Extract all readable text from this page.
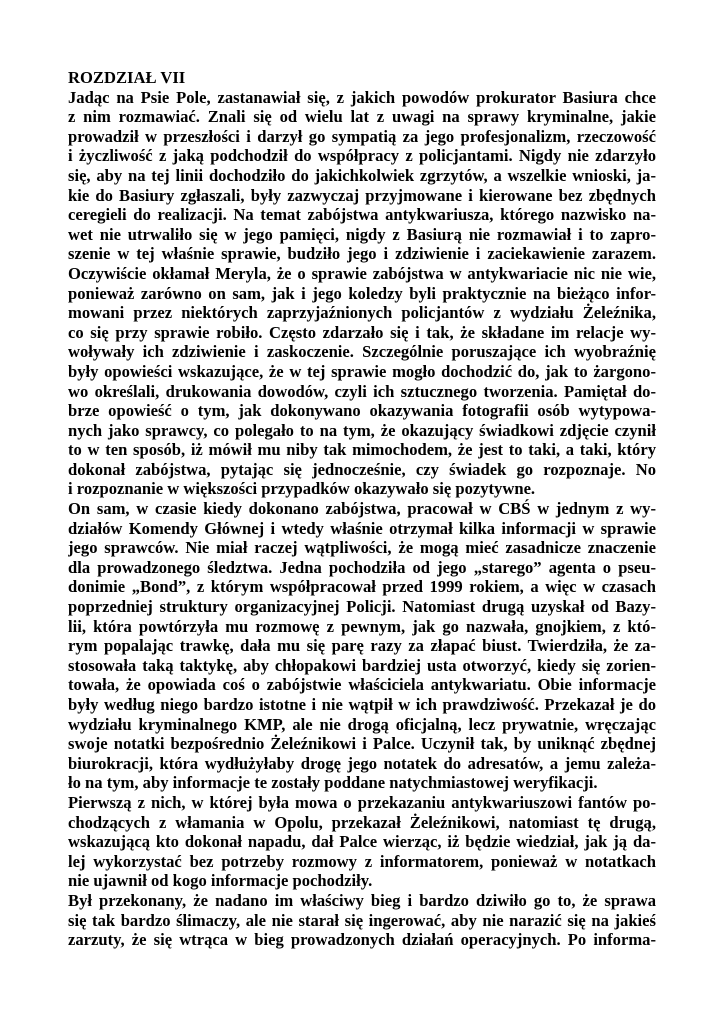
ROZDZIAŁ VII

Jadąc na Psie Pole, zastanawiał się, z jakich powodów prokurator Basiura chce
z nim rozmawiać. Znali się od wielu lat z uwagi na sprawy kryminalne, jakie
prowadził w przeszłości i darzył go sympatią za jego profesjonalizm, rzeczowość
i życzliwość z jaką podchodził do współpracy z policjantami. Nigdy nie zdarzyło
się, aby na tej linii dochodziło do jakichkolwiek zgrzytów, a wszelkie wnioski, ja-
kie do Basiury zgłaszali, były zazwyczaj przyjmowane i kierowane bez zbędnych
ceregieli do realizacji. Na temat zabójstwa antykwariusza, którego nazwisko na-
wet nie utrwaliło się w jego pamięci, nigdy z Basiurą nie rozmawiał i to zapro-
szenie w tej właśnie sprawie, budziło jego i zdziwienie i zaciekawienie zarazem.
Oczywiście okłamał Meryla, że o sprawie zabójstwa w antykwariacie nic nie wie,
ponieważ zarówno on sam, jak i jego koledzy byli praktycznie na bieżąco infor-
mowani przez niektórych zaprzyjaźnionych policjantów z wydziału Żeleźnika,
co się przy sprawie robiło. Często zdarzało się i tak, że składane im relacje wy-
woływały ich zdziwienie i zaskoczenie. Szczególnie poruszające ich wyobraźnię
były opowieści wskazujące, że w tej sprawie mogło dochodzić do, jak to żargono-
wo określali, drukowania dowodów, czyli ich sztucznego tworzenia. Pamiętał do-
brze opowieść o tym, jak dokonywano okazywania fotografii osób wytypowa-
nych jako sprawcy, co polegało to na tym, że okazujący świadkowi zdjęcie czynił
to w ten sposób, iż mówił mu niby tak mimochodem, że jest to taki, a taki, który
dokonał zabójstwa, pytając się jednocześnie, czy świadek go rozpoznaje. No
i rozpoznanie w większości przypadków okazywało się pozytywne.

On sam, w czasie kiedy dokonano zabójstwa, pracował w CBŚ w jednym z wy-
działów Komendy Głównej i wtedy właśnie otrzymał kilka informacji w sprawie
jego sprawców. Nie miał raczej wątpliwości, że mogą mieć zasadnicze znaczenie
dla prowadzonego śledztwa. Jedna pochodziła od jego „starego” agenta o pseu-
donimie „Bond”, z którym współpracował przed 1999 rokiem, a więc w czasach
poprzedniej struktury organizacyjnej Policji. Natomiast drugą uzyskał od Bazy-
lii, która powtórzyła mu rozmowę z pewnym, jak go nazwała, gnojkiem, z któ-
rym popalając trawkę, dała mu się parę razy za złapać biust. Twierdziła, że za-
stosowała taką taktykę, aby chłopakowi bardziej usta otworzyć, kiedy się zorien-
towała, że opowiada coś o zabójstwie właściciela antykwariatu. Obie informacje
były według niego bardzo istotne i nie wątpił w ich prawdziwość. Przekazał je do
wydziału kryminalnego KMP, ale nie drogą oficjalną, lecz prywatnie, wręczając
swoje notatki bezpośrednio Żeleźnikowi i Palce. Uczynił tak, by uniknąć zbędnej
biurokracji, która wydłużyłaby drogę jego notatek do adresatów, a jemu zależa-
ło na tym, aby informacje te zostały poddane natychmiastowej weryfikacji.

Pierwszą z nich, w której była mowa o przekazaniu antykwariuszowi fantów po-
chodzących z włamania w Opolu, przekazał Żeleźnikowi, natomiast tę drugą,
wskazującą kto dokonał napadu, dał Palce wierząc, iż będzie wiedział, jak ją da-
lej wykorzystać bez potrzeby rozmowy z informatorem, ponieważ w notatkach
nie ujawnił od kogo informacje pochodziły.

Był przekonany, że nadano im właściwy bieg i bardzo dziwiło go to, że sprawa
się tak bardzo ślimaczy, ale nie starał się ingerować, aby nie narazić się na jakieś
zarzuty, że się wtrąca w bieg prowadzonych działań operacyjnych. Po informa-
